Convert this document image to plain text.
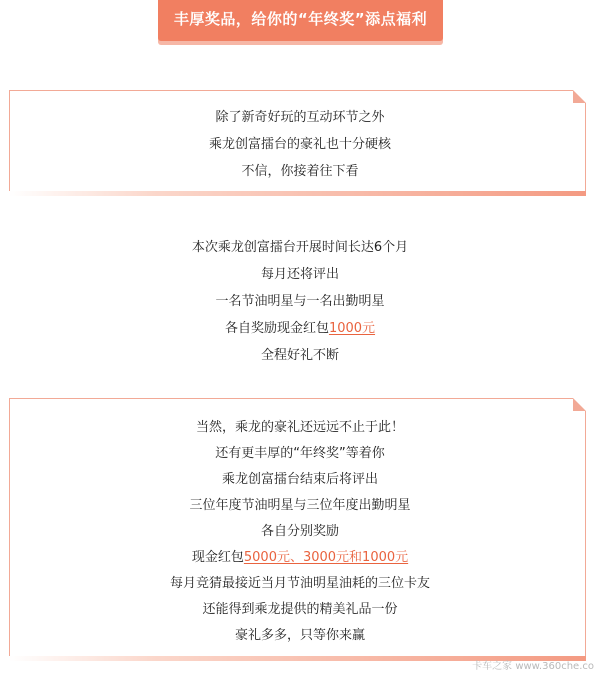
丰厚奖品，给你的“年终奖”添点福利
除了新奇好玩的互动环节之外
乘龙创富擂台的豪礼也十分硬核
不信，你接着往下看
本次乘龙创富擂台开展时间长达6个月
每月还将评出
一名节油明星与一名出勤明星
各自奖励现金红包1000元
全程好礼不断
当然，乘龙的豪礼还远远不止于此！
还有更丰厚的“年终奖”等着你
乘龙创富擂台结束后将评出
三位年度节油明星与三位年度出勤明星
各自分别奖励
现金红包5000元、3000元和1000元
每月竞猜最接近当月节油明星油耗的三位卡友
还能得到乘龙提供的精美礼品一份
豪礼多多，只等你来赢
卡车之家 www.360che.co
